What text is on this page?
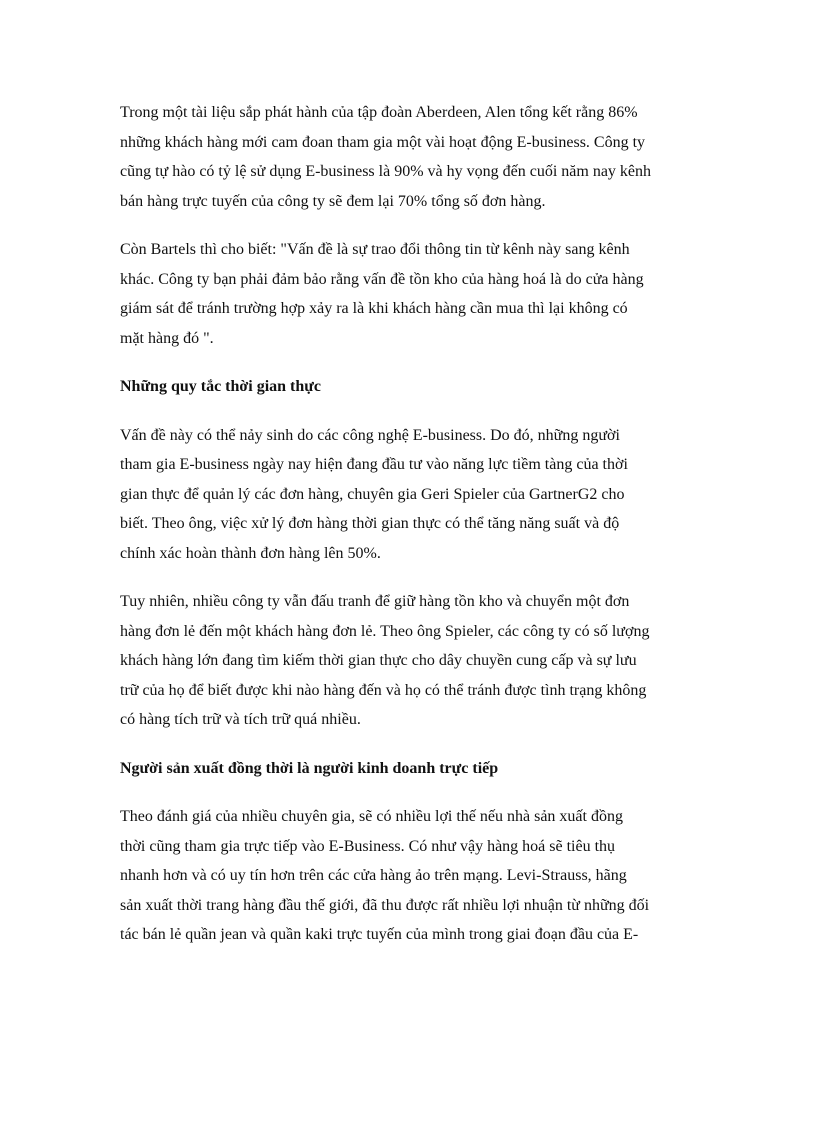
Trong một tài liệu sắp phát hành của tập đoàn Aberdeen, Alen tổng kết rằng 86%
những khách hàng mới cam đoan tham gia một vài hoạt động E-business. Công ty
cũng tự hào có tỷ lệ sử dụng E-business là 90% và hy vọng đến cuối năm nay kênh
bán hàng trực tuyến của công ty sẽ đem lại 70% tổng số đơn hàng.

Còn Bartels thì cho biết: "Vấn đề là sự trao đổi thông tin từ kênh này sang kênh
khác. Công ty bạn phải đảm bảo rằng vấn đề tồn kho của hàng hoá là do cửa hàng
giám sát để tránh trường hợp xảy ra là khi khách hàng cần mua thì lại không có
mặt hàng đó ".

Những quy tắc thời gian thực

Vấn đề này có thể nảy sinh do các công nghệ E-business. Do đó, những người
tham gia E-business ngày nay hiện đang đầu tư vào năng lực tiềm tàng của thời
gian thực để quản lý các đơn hàng, chuyên gia Geri Spieler của GartnerG2 cho
biết. Theo ông, việc xử lý đơn hàng thời gian thực có thể tăng năng suất và độ
chính xác hoàn thành đơn hàng lên 50%.

Tuy nhiên, nhiều công ty vẫn đấu tranh để giữ hàng tồn kho và chuyển một đơn
hàng đơn lẻ đến một khách hàng đơn lẻ. Theo ông Spieler, các công ty có số lượng
khách hàng lớn đang tìm kiếm thời gian thực cho dây chuyền cung cấp và sự lưu
trữ của họ để biết được khi nào hàng đến và họ có thể tránh được tình trạng không
có hàng tích trữ và tích trữ quá nhiều.

Người sản xuất đồng thời là người kinh doanh trực tiếp

Theo đánh giá của nhiều chuyên gia, sẽ có nhiều lợi thế nếu nhà sản xuất đồng
thời cũng tham gia trực tiếp vào E-Business. Có như vậy hàng hoá sẽ tiêu thụ
nhanh hơn và có uy tín hơn trên các cửa hàng ảo trên mạng. Levi-Strauss, hãng
sản xuất thời trang hàng đầu thế giới, đã thu được rất nhiều lợi nhuận từ những đối
tác bán lẻ quần jean và quần kaki trực tuyến của mình trong giai đoạn đầu của E-
